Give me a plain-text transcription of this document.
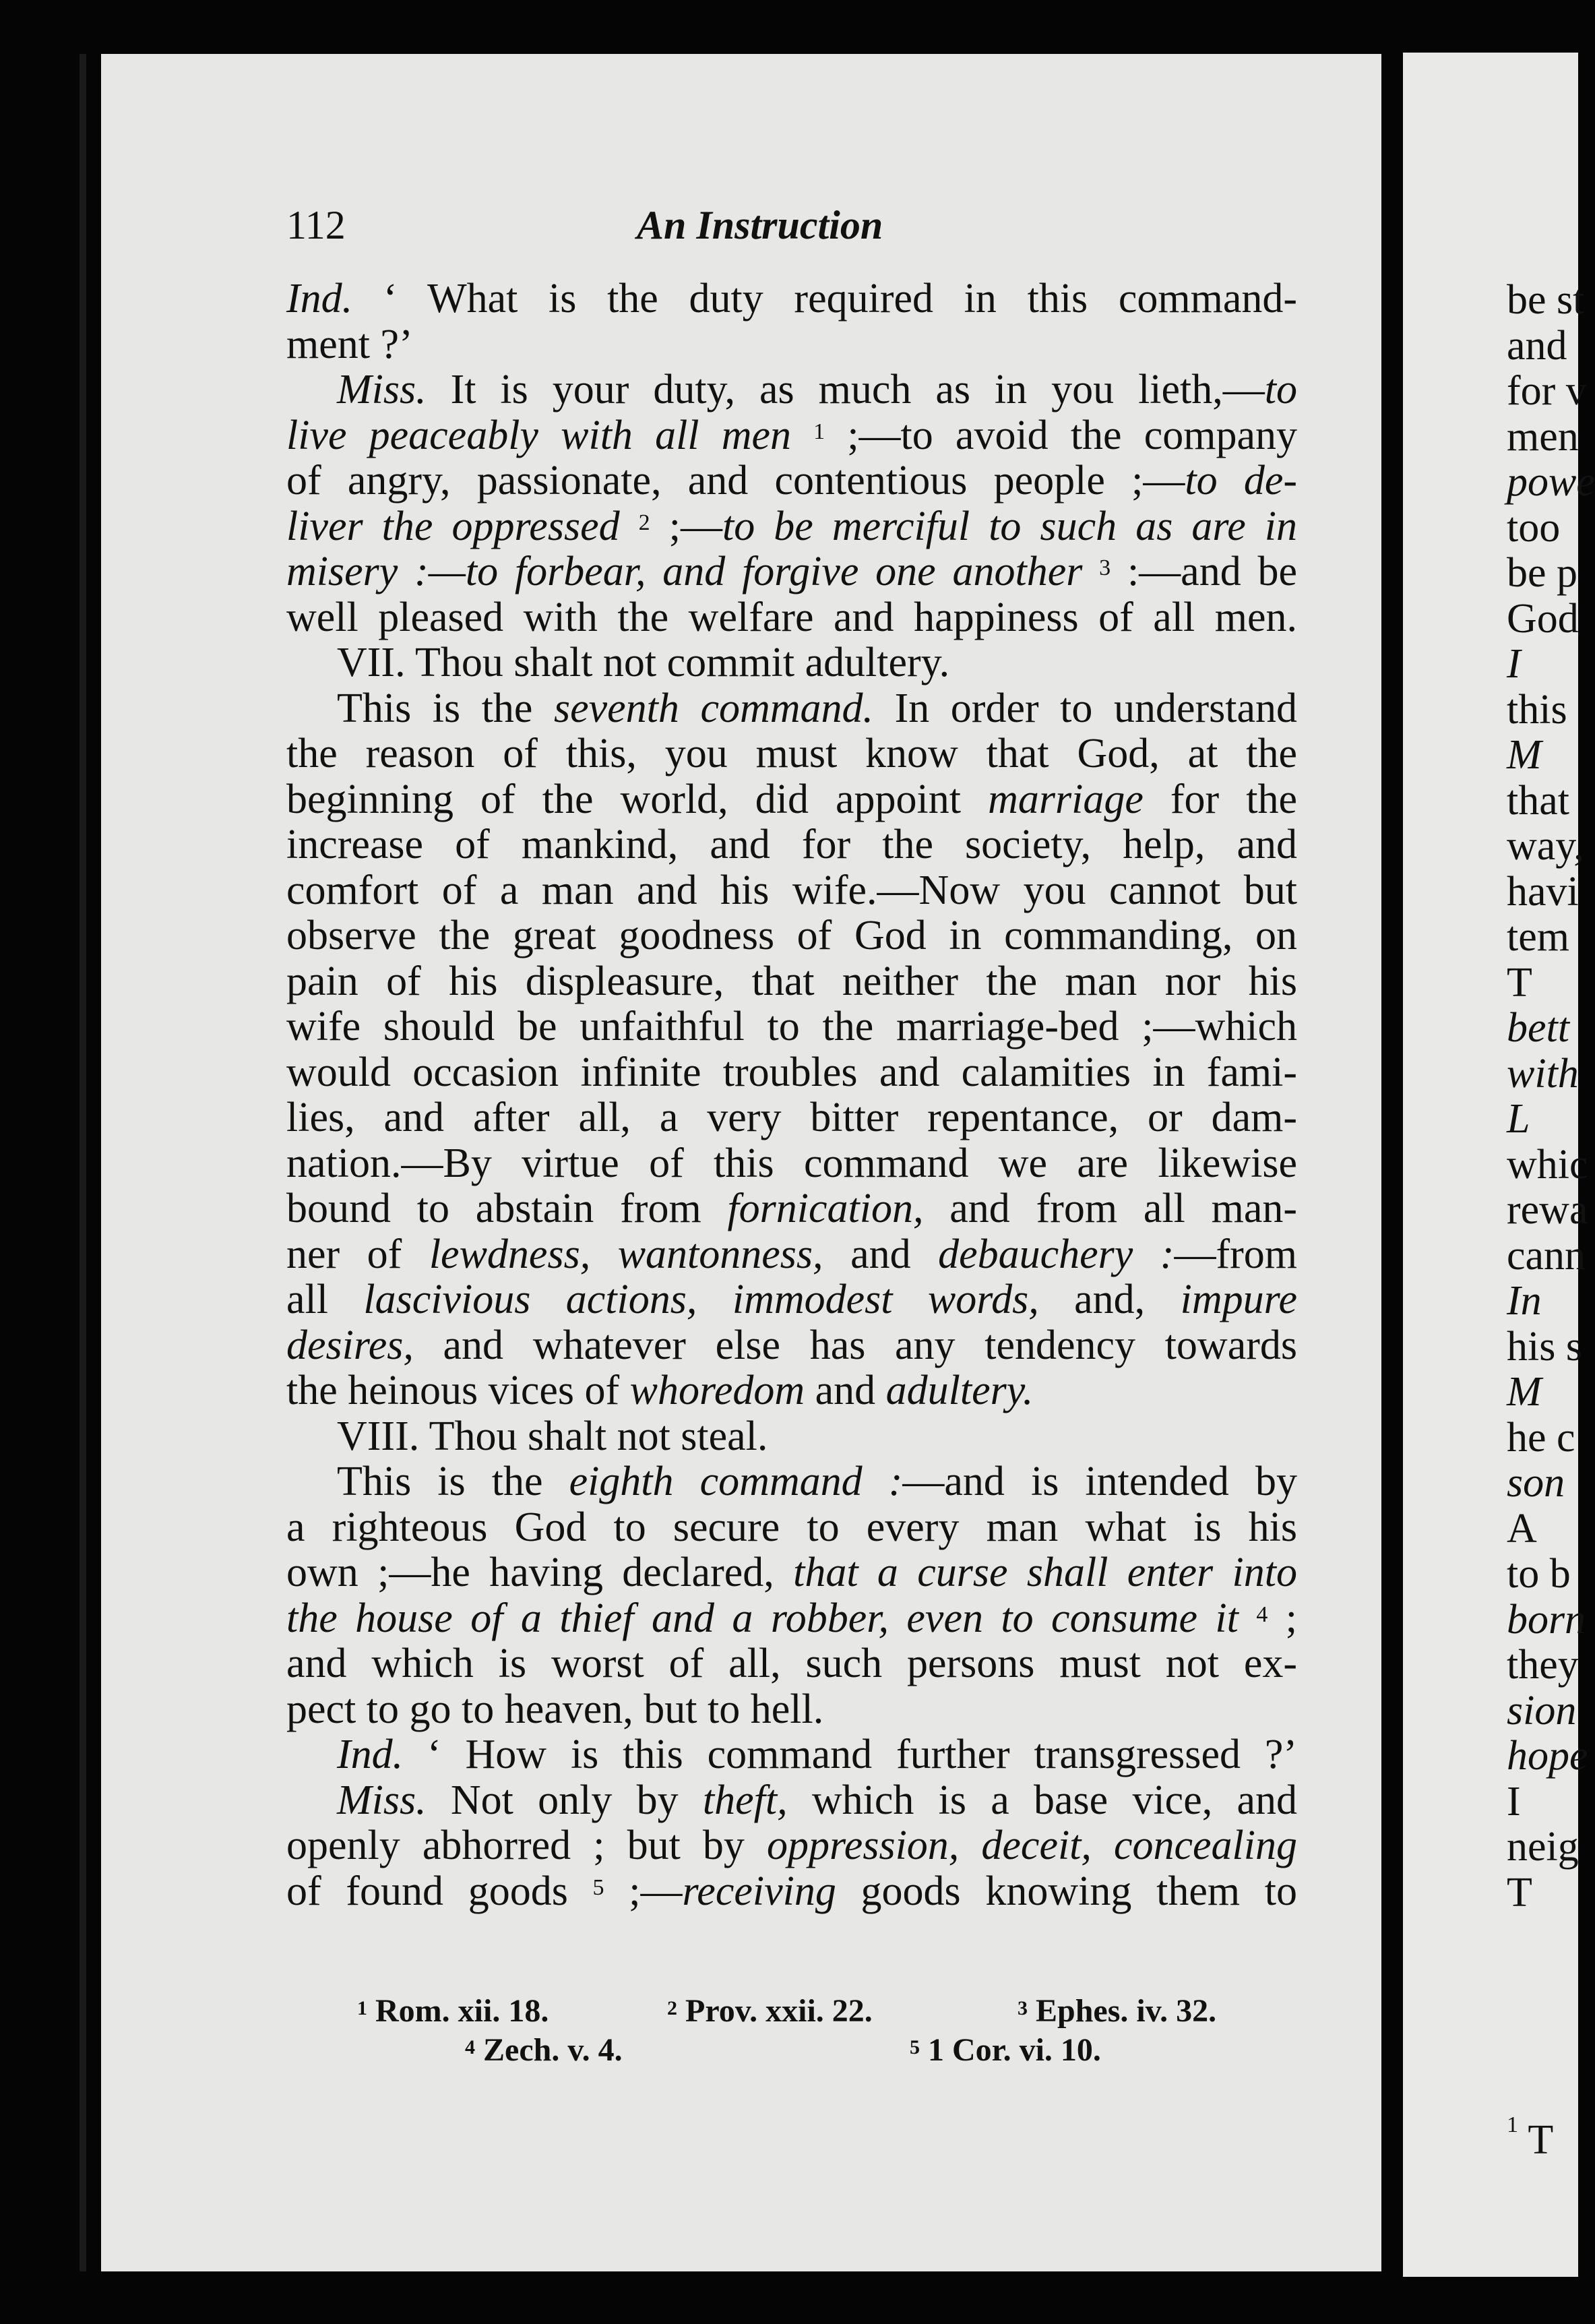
112	An Instruction
Ind. ‘ What is the duty required in this command-
ment ?’
Miss. It is your duty, as much as in you lieth,—to
live peaceably with all men $^1$ ;—to avoid the company
of angry, passionate, and contentious people ;—to de-
liver the oppressed $^2$ ;—to be merciful to such as are in
misery :—to forbear, and forgive one another $^3$ :—and be
well pleased with the welfare and happiness of all men.
VII. Thou shalt not commit adultery.
This is the seventh command. In order to understand
the reason of this, you must know that God, at the
beginning of the world, did appoint marriage for the
increase of mankind, and for the society, help, and
comfort of a man and his wife.—Now you cannot but
observe the great goodness of God in commanding, on
pain of his displeasure, that neither the man nor his
wife should be unfaithful to the marriage-bed ;—which
would occasion infinite troubles and calamities in fami-
lies, and after all, a very bitter repentance, or dam-
nation.—By virtue of this command we are likewise
bound to abstain from fornication, and from all man-
ner of lewdness, wantonness, and debauchery :—from
all lascivious actions, immodest words, and, impure
desires, and whatever else has any tendency towards
the heinous vices of whoredom and adultery.
VIII. Thou shalt not steal.
This is the eighth command :—and is intended by
a righteous God to secure to every man what is his
own ;—he having declared, that a curse shall enter into
the house of a thief and a robber, even to consume it $^4$ ;
and which is worst of all, such persons must not ex-
pect to go to heaven, but to hell.
Ind. ‘ How is this command further transgressed ?’
Miss. Not only by theft, which is a base vice, and
openly abhorred ; but by oppression, deceit, concealing
of found goods $^5$ ;—receiving goods knowing them to
$^1$ Rom. xii. 18.	$^2$ Prov. xxii. 22.	$^3$ Ephes. iv. 32.
$^4$ Zech. v. 4.	$^5$ 1 Cor. vi. 10.
be st
and
for v
men
powe
too
be p
God
I
this
M
that
way,
havi
tem
T
bett
with
L
whic
rewa
cann
In
his s
M
he c
son
A
to b
born
they
sion
hope
I
neig
T
$^1$ T
